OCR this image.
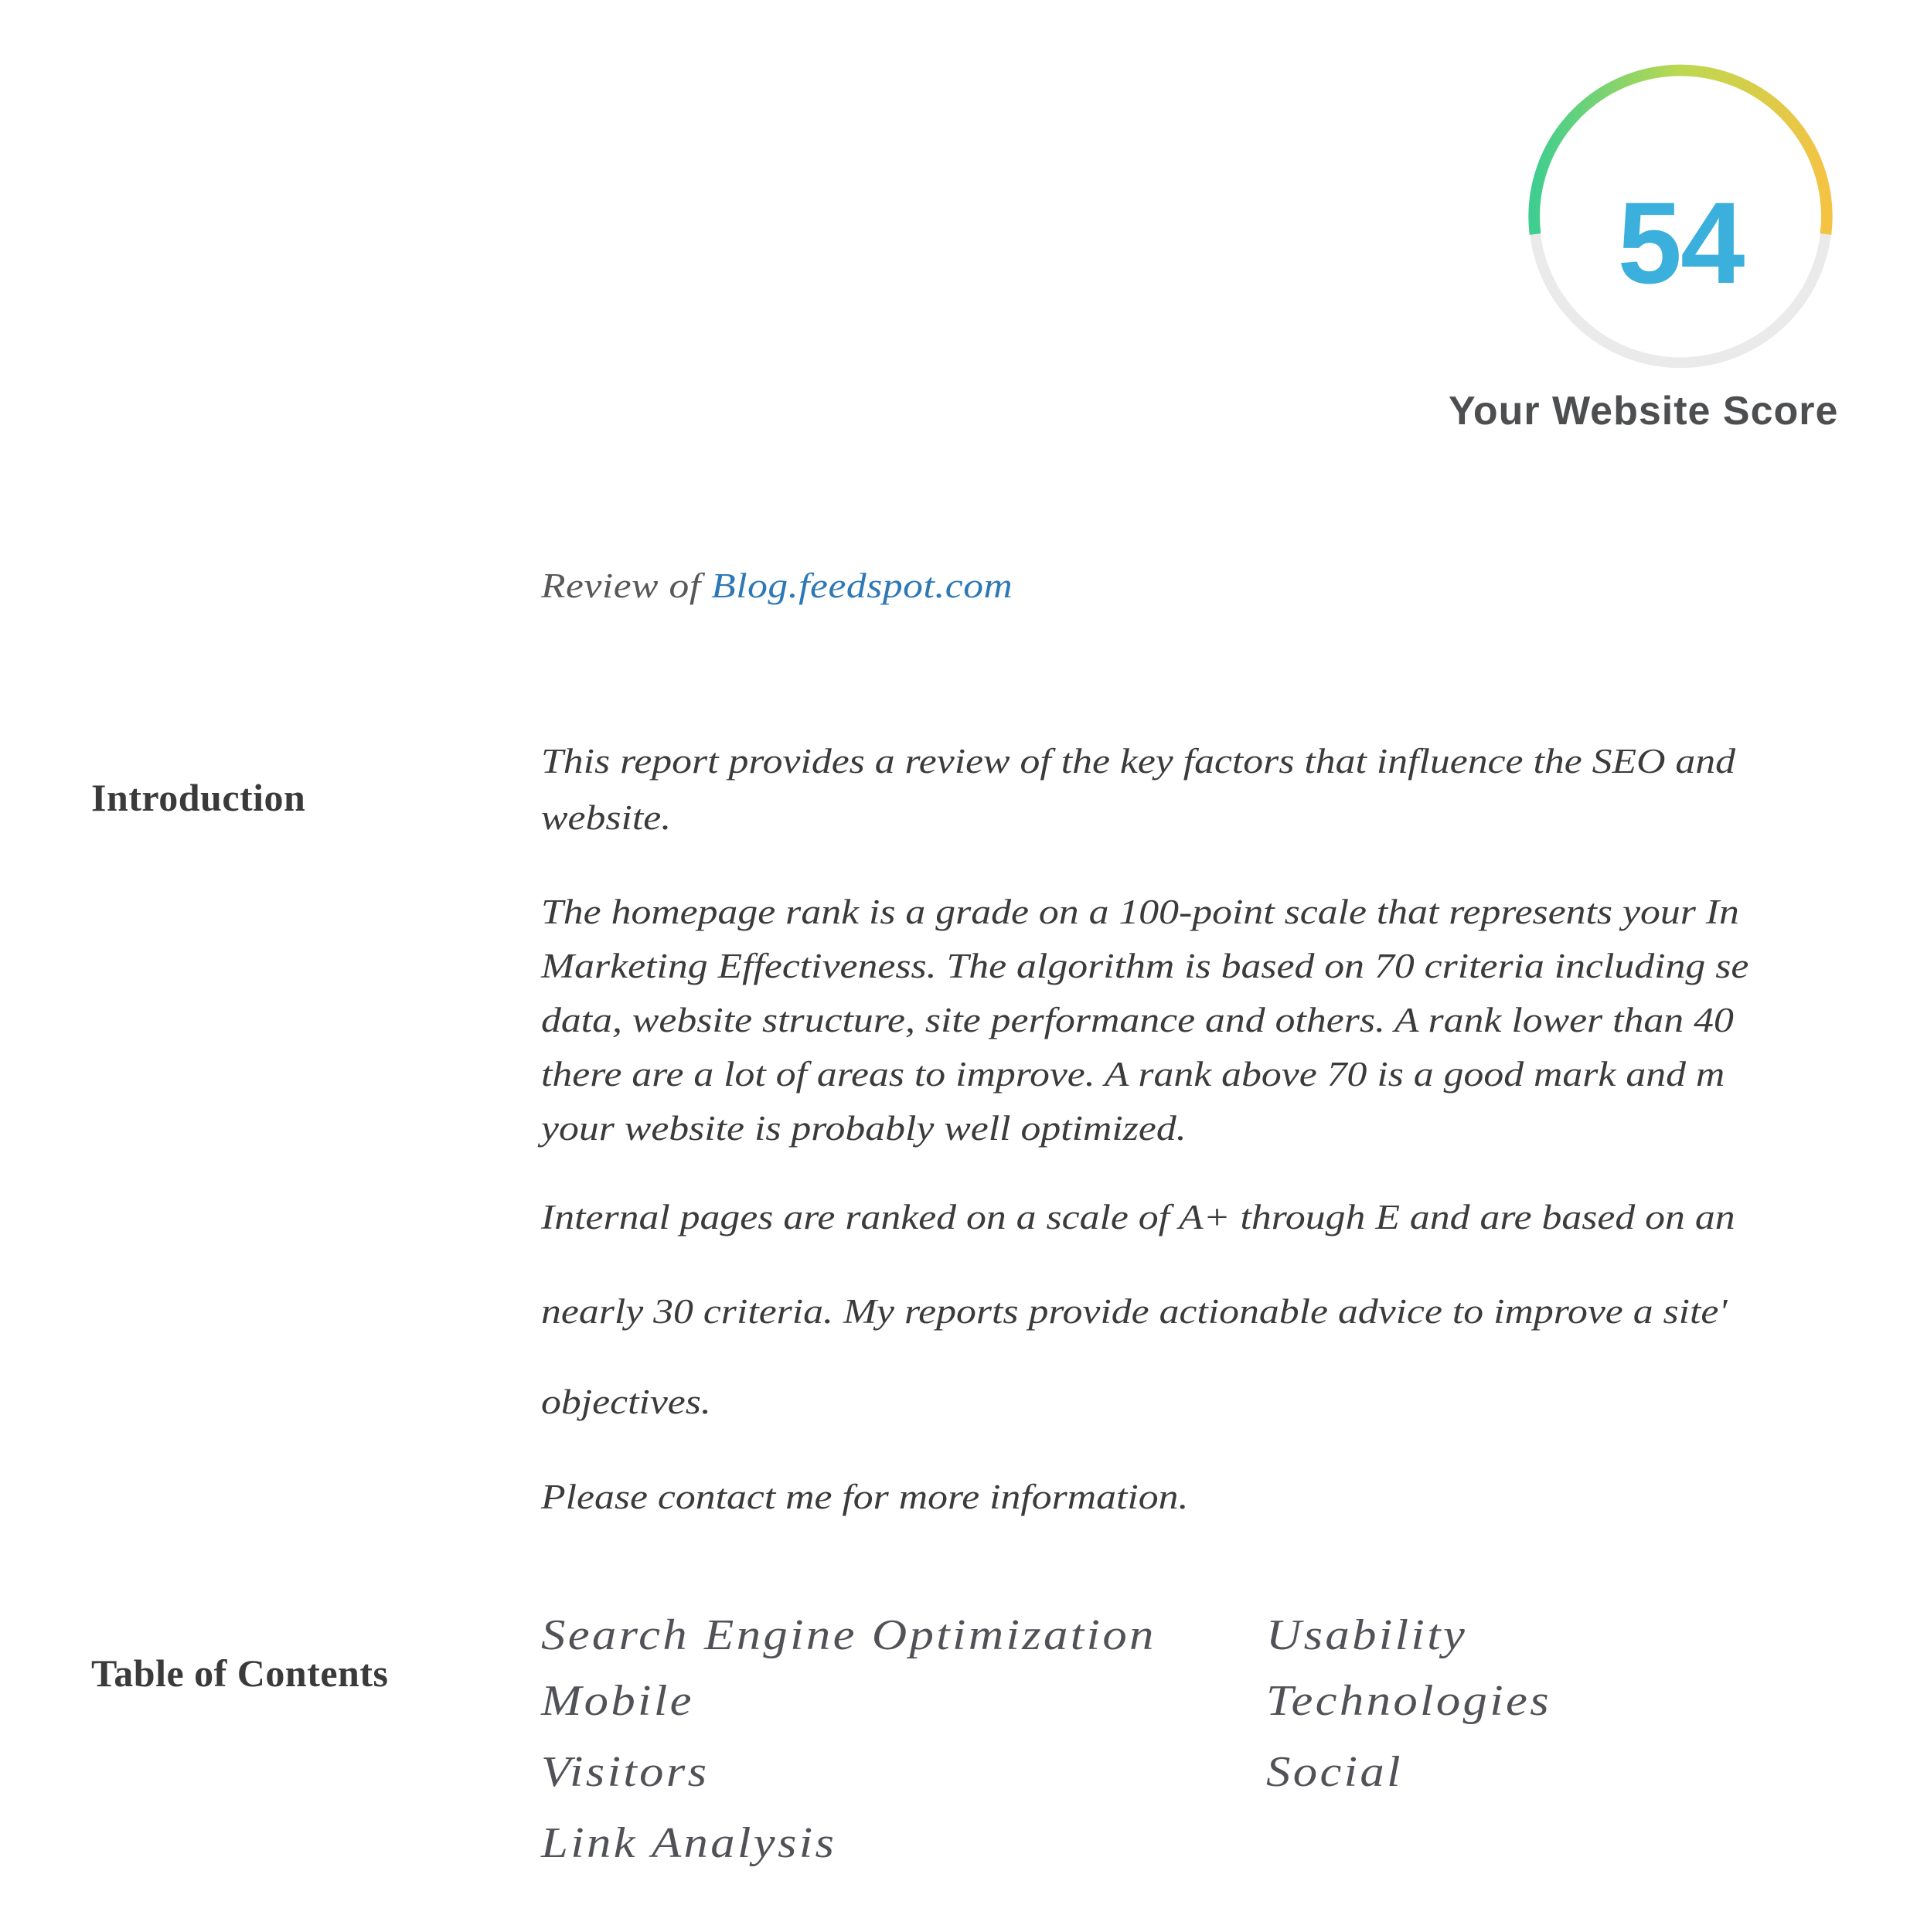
54
Your Website Score
Review of Blog.feedspot.com
Introduction
This report provides a review of the key factors that influence the SEO and
website.
The homepage rank is a grade on a 100-point scale that represents your In
Marketing Effectiveness. The algorithm is based on 70 criteria including se
data, website structure, site performance and others. A rank lower than 40
there are a lot of areas to improve. A rank above 70 is a good mark and m
your website is probably well optimized.
Internal pages are ranked on a scale of A+ through E and are based on an
nearly 30 criteria. My reports provide actionable advice to improve a site'
objectives.
Please contact me for more information.
Table of Contents
Search Engine Optimization
Mobile
Visitors
Link Analysis
Usability
Technologies
Social
